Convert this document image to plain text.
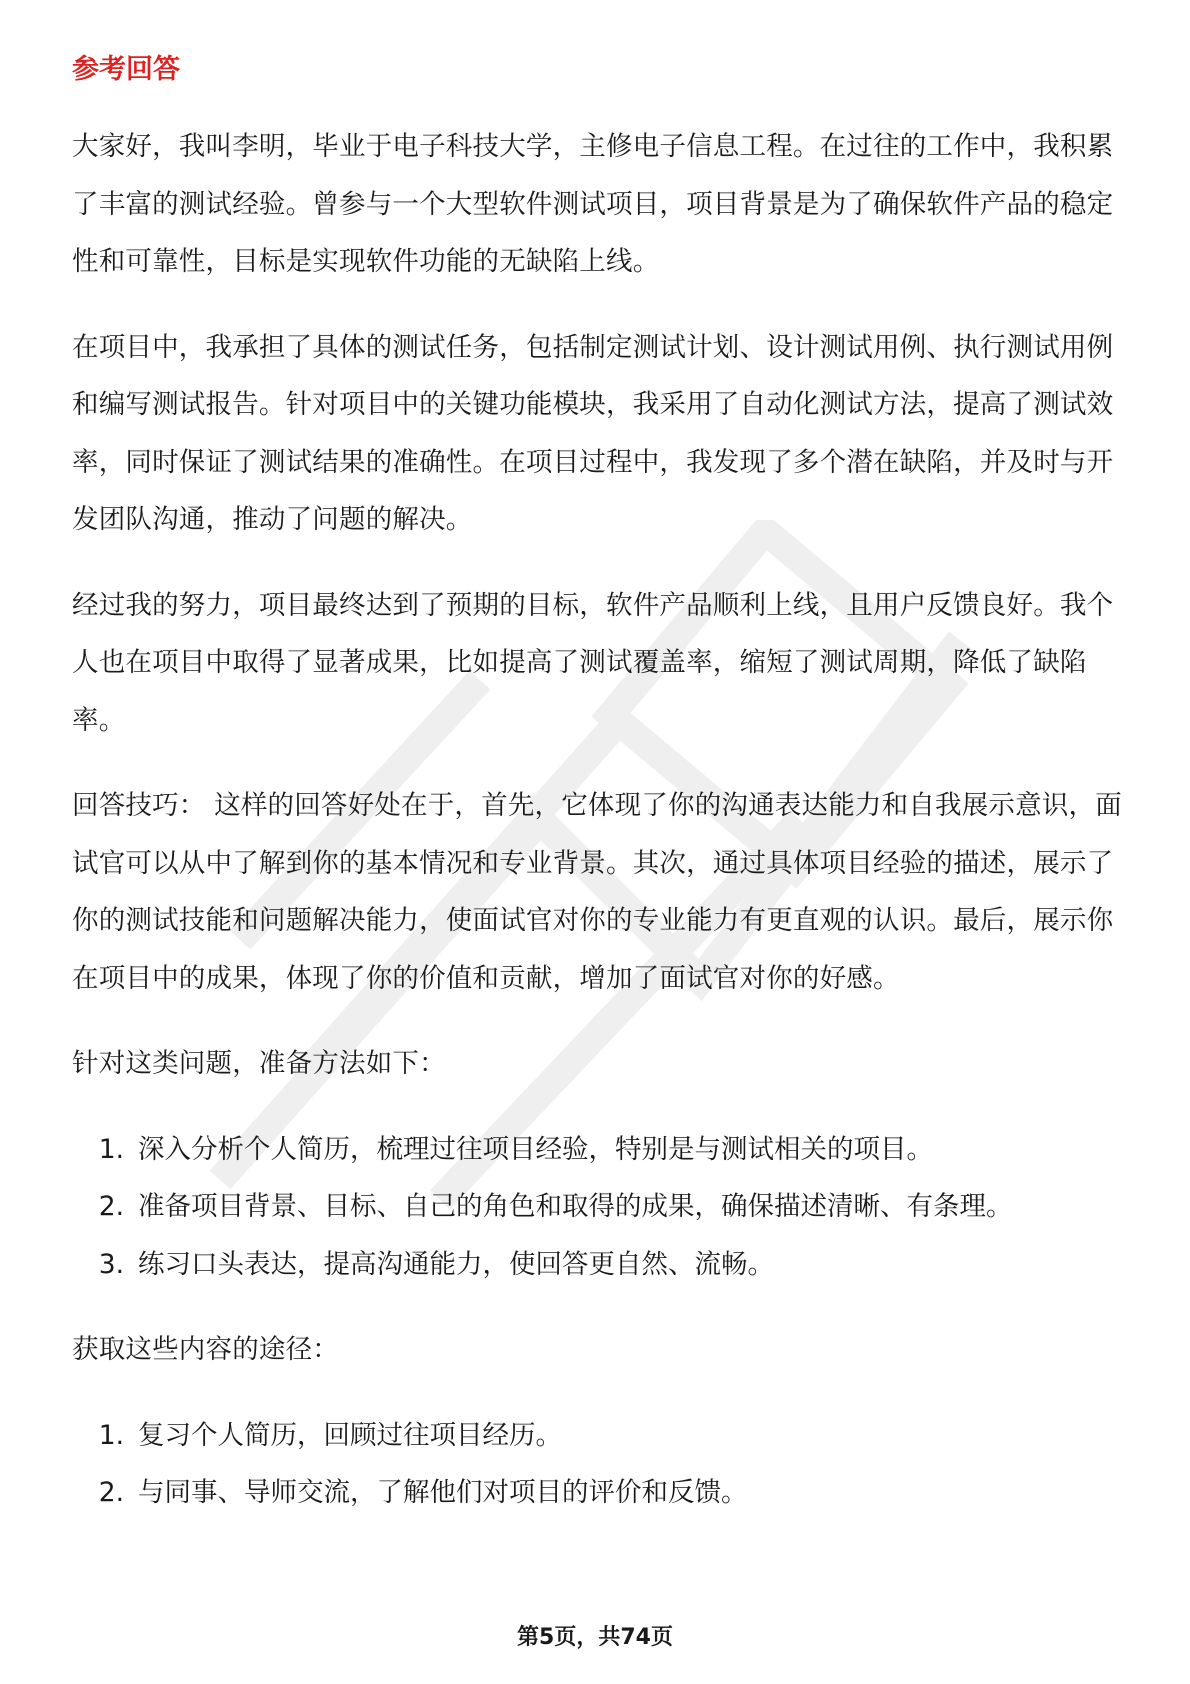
参考回答

大家好，我叫李明，毕业于电子科技大学，主修电子信息工程。在过往的工作中，我积累了丰富的测试经验。曾参与一个大型软件测试项目，项目背景是为了确保软件产品的稳定性和可靠性，目标是实现软件功能的无缺陷上线。

在项目中，我承担了具体的测试任务，包括制定测试计划、设计测试用例、执行测试用例和编写测试报告。针对项目中的关键功能模块，我采用了自动化测试方法，提高了测试效率，同时保证了测试结果的准确性。在项目过程中，我发现了多个潜在缺陷，并及时与开发团队沟通，推动了问题的解决。

经过我的努力，项目最终达到了预期的目标，软件产品顺利上线，且用户反馈良好。我个人也在项目中取得了显著成果，比如提高了测试覆盖率，缩短了测试周期，降低了缺陷率。

回答技巧： 这样的回答好处在于，首先，它体现了你的沟通表达能力和自我展示意识，面试官可以从中了解到你的基本情况和专业背景。其次，通过具体项目经验的描述，展示了你的测试技能和问题解决能力，使面试官对你的专业能力有更直观的认识。最后，展示你在项目中的成果，体现了你的价值和贡献，增加了面试官对你的好感。

针对这类问题，准备方法如下：

1. 深入分析个人简历，梳理过往项目经验，特别是与测试相关的项目。
2. 准备项目背景、目标、自己的角色和取得的成果，确保描述清晰、有条理。
3. 练习口头表达，提高沟通能力，使回答更自然、流畅。

获取这些内容的途径：

1. 复习个人简历，回顾过往项目经历。
2. 与同事、导师交流，了解他们对项目的评价和反馈。
第5页，共74页
